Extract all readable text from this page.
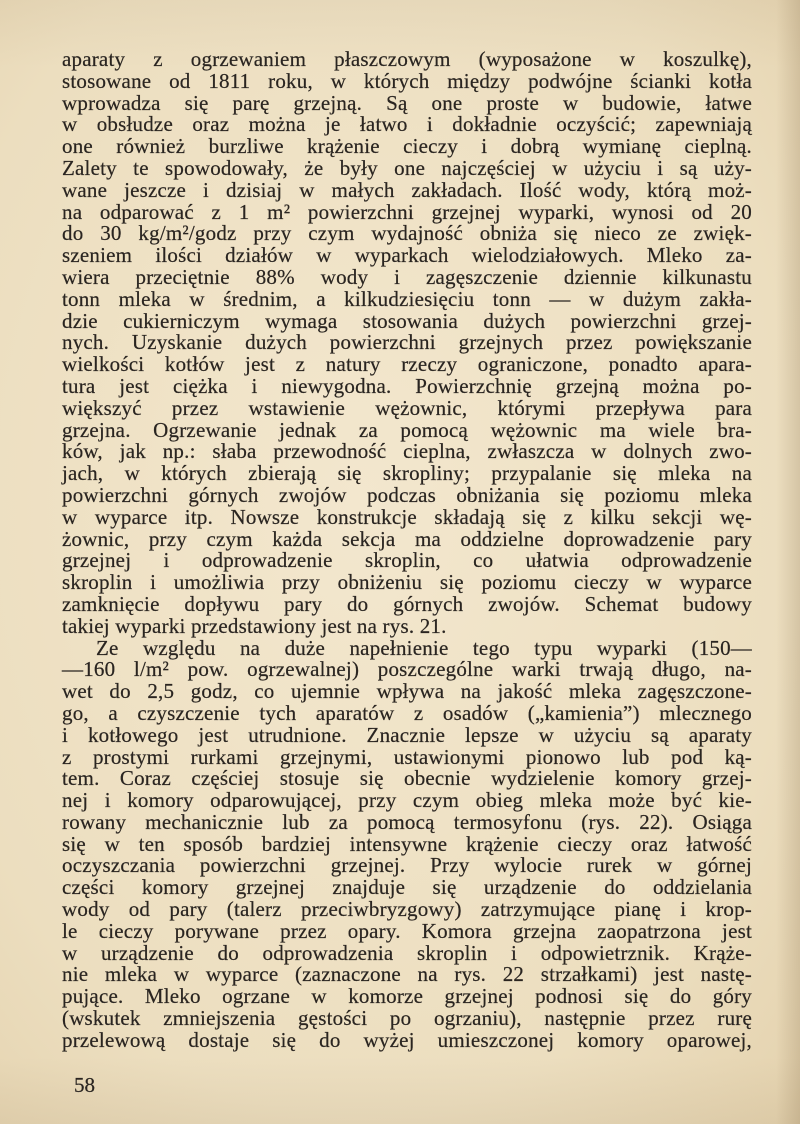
aparaty z ogrzewaniem płaszczowym (wyposażone w koszulkę),
stosowane od 1811 roku, w których między podwójne ścianki kotła
wprowadza się parę grzejną. Są one proste w budowie, łatwe
w obsłudze oraz można je łatwo i dokładnie oczyścić; zapewniają
one również burzliwe krążenie cieczy i dobrą wymianę cieplną.
Zalety te spowodowały, że były one najczęściej w użyciu i są uży-
wane jeszcze i dzisiaj w małych zakładach. Ilość wody, którą moż-
na odparować z 1 m² powierzchni grzejnej wyparki, wynosi od 20
do 30 kg/m²/godz przy czym wydajność obniża się nieco ze zwięk-
szeniem ilości działów w wyparkach wielodziałowych. Mleko za-
wiera przeciętnie 88% wody i zagęszczenie dziennie kilkunastu
tonn mleka w średnim, a kilkudziesięciu tonn — w dużym zakła-
dzie cukierniczym wymaga stosowania dużych powierzchni grzej-
nych. Uzyskanie dużych powierzchni grzejnych przez powiększanie
wielkości kotłów jest z natury rzeczy ograniczone, ponadto apara-
tura jest ciężka i niewygodna. Powierzchnię grzejną można po-
większyć przez wstawienie wężownic, którymi przepływa para
grzejna. Ogrzewanie jednak za pomocą wężownic ma wiele bra-
ków, jak np.: słaba przewodność cieplna, zwłaszcza w dolnych zwo-
jach, w których zbierają się skropliny; przypalanie się mleka na
powierzchni górnych zwojów podczas obniżania się poziomu mleka
w wyparce itp. Nowsze konstrukcje składają się z kilku sekcji wę-
żownic, przy czym każda sekcja ma oddzielne doprowadzenie pary
grzejnej i odprowadzenie skroplin, co ułatwia odprowadzenie
skroplin i umożliwia przy obniżeniu się poziomu cieczy w wyparce
zamknięcie dopływu pary do górnych zwojów. Schemat budowy
takiej wyparki przedstawiony jest na rys. 21.
Ze względu na duże napełnienie tego typu wyparki (150—
—160 l/m² pow. ogrzewalnej) poszczególne warki trwają długo, na-
wet do 2,5 godz, co ujemnie wpływa na jakość mleka zagęszczone-
go, a czyszczenie tych aparatów z osadów („kamienia”) mlecznego
i kotłowego jest utrudnione. Znacznie lepsze w użyciu są aparaty
z prostymi rurkami grzejnymi, ustawionymi pionowo lub pod ką-
tem. Coraz częściej stosuje się obecnie wydzielenie komory grzej-
nej i komory odparowującej, przy czym obieg mleka może być kie-
rowany mechanicznie lub za pomocą termosyfonu (rys. 22). Osiąga
się w ten sposób bardziej intensywne krążenie cieczy oraz łatwość
oczyszczania powierzchni grzejnej. Przy wylocie rurek w górnej
części komory grzejnej znajduje się urządzenie do oddzielania
wody od pary (talerz przeciwbryzgowy) zatrzymujące pianę i krop-
le cieczy porywane przez opary. Komora grzejna zaopatrzona jest
w urządzenie do odprowadzenia skroplin i odpowietrznik. Krąże-
nie mleka w wyparce (zaznaczone na rys. 22 strzałkami) jest nastę-
pujące. Mleko ogrzane w komorze grzejnej podnosi się do góry
(wskutek zmniejszenia gęstości po ogrzaniu), następnie przez rurę
przelewową dostaje się do wyżej umieszczonej komory oparowej,
58
